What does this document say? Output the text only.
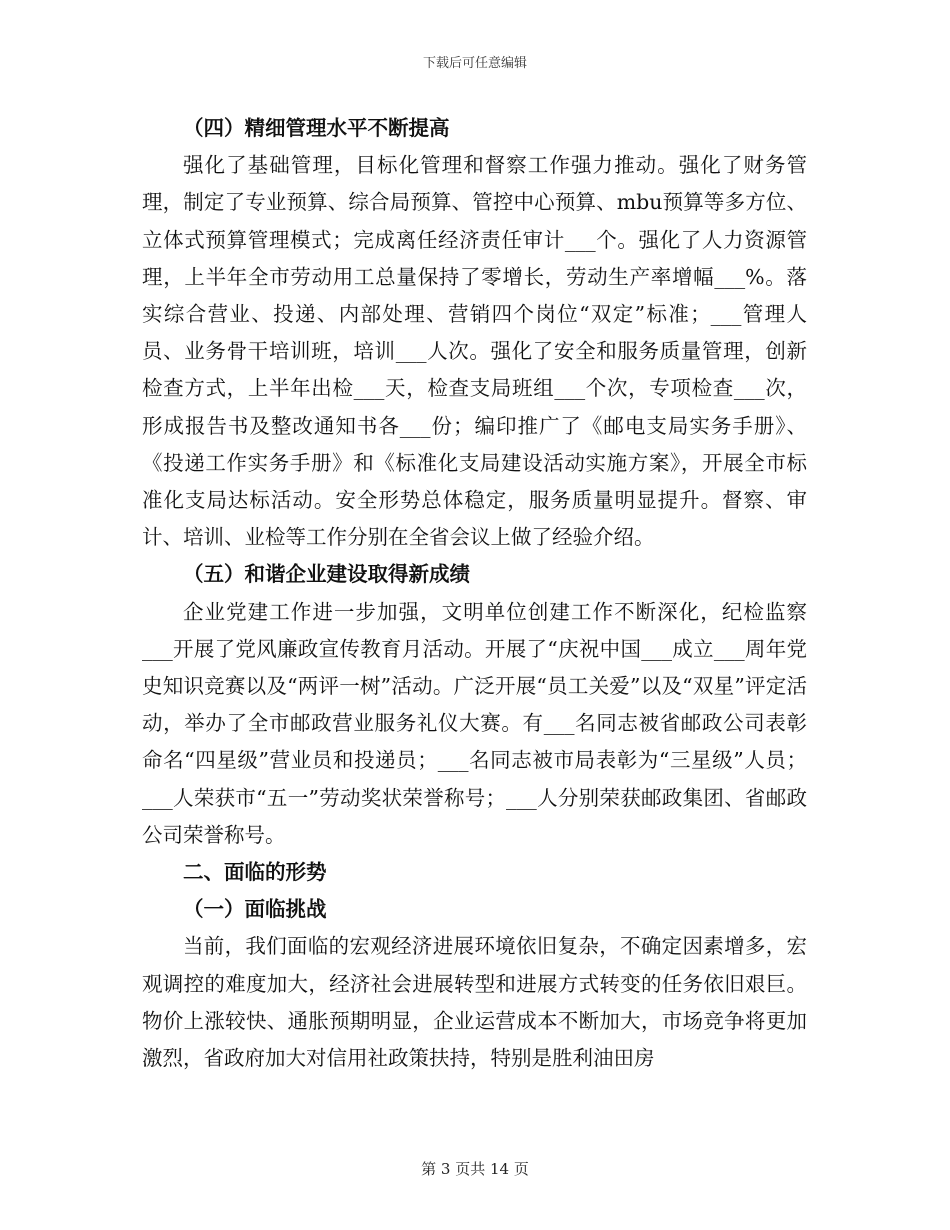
下载后可任意编辑

（四）精细管理水平不断提高

强化了基础管理，目标化管理和督察工作强力推动。强化了财务管理，制定了专业预算、综合局预算、管控中心预算、mbu预算等多方位、立体式预算管理模式；完成离任经济责任审计___个。强化了人力资源管理，上半年全市劳动用工总量保持了零增长，劳动生产率增幅___%。落实综合营业、投递、内部处理、营销四个岗位“双定”标准；___管理人员、业务骨干培训班，培训___人次。强化了安全和服务质量管理，创新检查方式，上半年出检___天，检查支局班组___个次，专项检查___次，形成报告书及整改通知书各___份；编印推广了《邮电支局实务手册》、《投递工作实务手册》和《标准化支局建设活动实施方案》，开展全市标准化支局达标活动。安全形势总体稳定，服务质量明显提升。督察、审计、培训、业检等工作分别在全省会议上做了经验介绍。

（五）和谐企业建设取得新成绩

企业党建工作进一步加强，文明单位创建工作不断深化，纪检监察___开展了党风廉政宣传教育月活动。开展了“庆祝中国___成立___周年党史知识竞赛以及“两评一树”活动。广泛开展“员工关爱”以及“双星”评定活动，举办了全市邮政营业服务礼仪大赛。有___名同志被省邮政公司表彰命名“四星级”营业员和投递员；___名同志被市局表彰为“三星级”人员；___人荣获市“五一”劳动奖状荣誉称号；___人分别荣获邮政集团、省邮政公司荣誉称号。

二、面临的形势

（一）面临挑战

当前，我们面临的宏观经济进展环境依旧复杂，不确定因素增多，宏观调控的难度加大，经济社会进展转型和进展方式转变的任务依旧艰巨。物价上涨较快、通胀预期明显，企业运营成本不断加大，市场竞争将更加激烈，省政府加大对信用社政策扶持，特别是胜利油田房

第 3 页共 14 页
